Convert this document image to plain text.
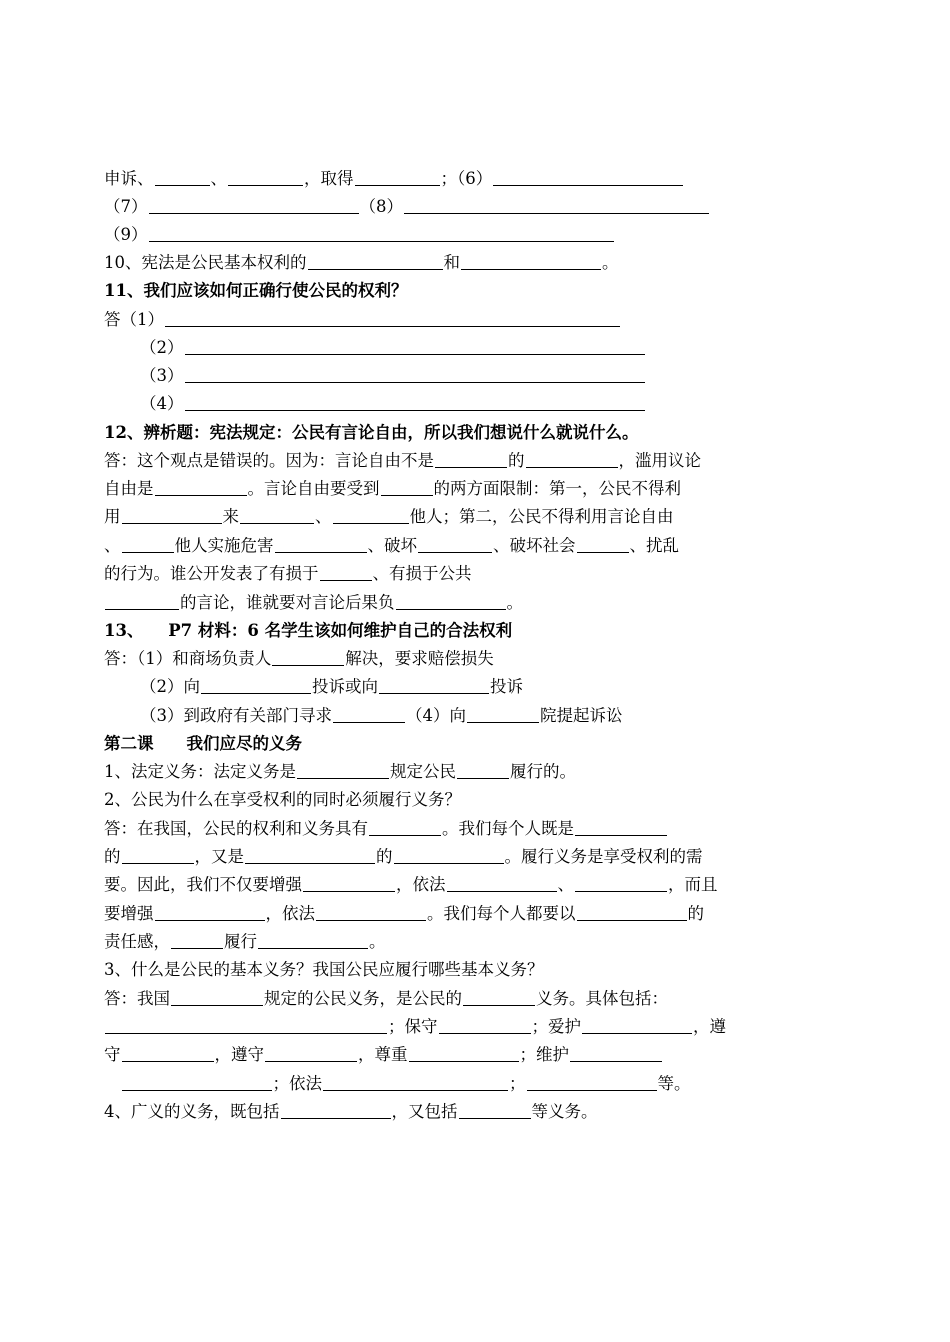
申诉、	、	，取得	；（6）
（7）	（8）
（9）
10、宪法是公民基本权利的	和	。
11、我们应该如何正确行使公民的权利？
答（1）
（2）
（3）
（4）
12、辨析题：宪法规定：公民有言论自由，所以我们想说什么就说什么。
答：这个观点是错误的。因为：言论自由不是	的	，滥用议论
自由是	。言论自由要受到	的两方面限制：第一，公民不得利
用	来	、	他人；第二，公民不得利用言论自由
、	他人实施危害	、破坏	、破坏社会	、扰乱
的行为。谁公开发表了有损于	、有损于公共
的言论，谁就要对言论后果负	。
13、　　P7 材料：6 名学生该如何维护自己的合法权利
答：（1）和商场负责人	解决，要求赔偿损失
（2）向	投诉或向	投诉
（3）到政府有关部门寻求	（4）向	院提起诉讼
第二课　　我们应尽的义务
1、法定义务：法定义务是	规定公民	履行的。
2、公民为什么在享受权利的同时必须履行义务？
答：在我国，公民的权利和义务具有	。我们每个人既是
的	，又是	的	。履行义务是享受权利的需
要。因此，我们不仅要增强	，依法	、	，而且
要增强	，依法	。我们每个人都要以	的
责任感，	履行	。
3、什么是公民的基本义务？我国公民应履行哪些基本义务？
答：我国	规定的公民义务，是公民的	义务。具体包括：
；保守	；爱护	，遵
守	，遵守	，尊重	；维护
　；依法	；	等。
4、广义的义务，既包括	，又包括	等义务。
